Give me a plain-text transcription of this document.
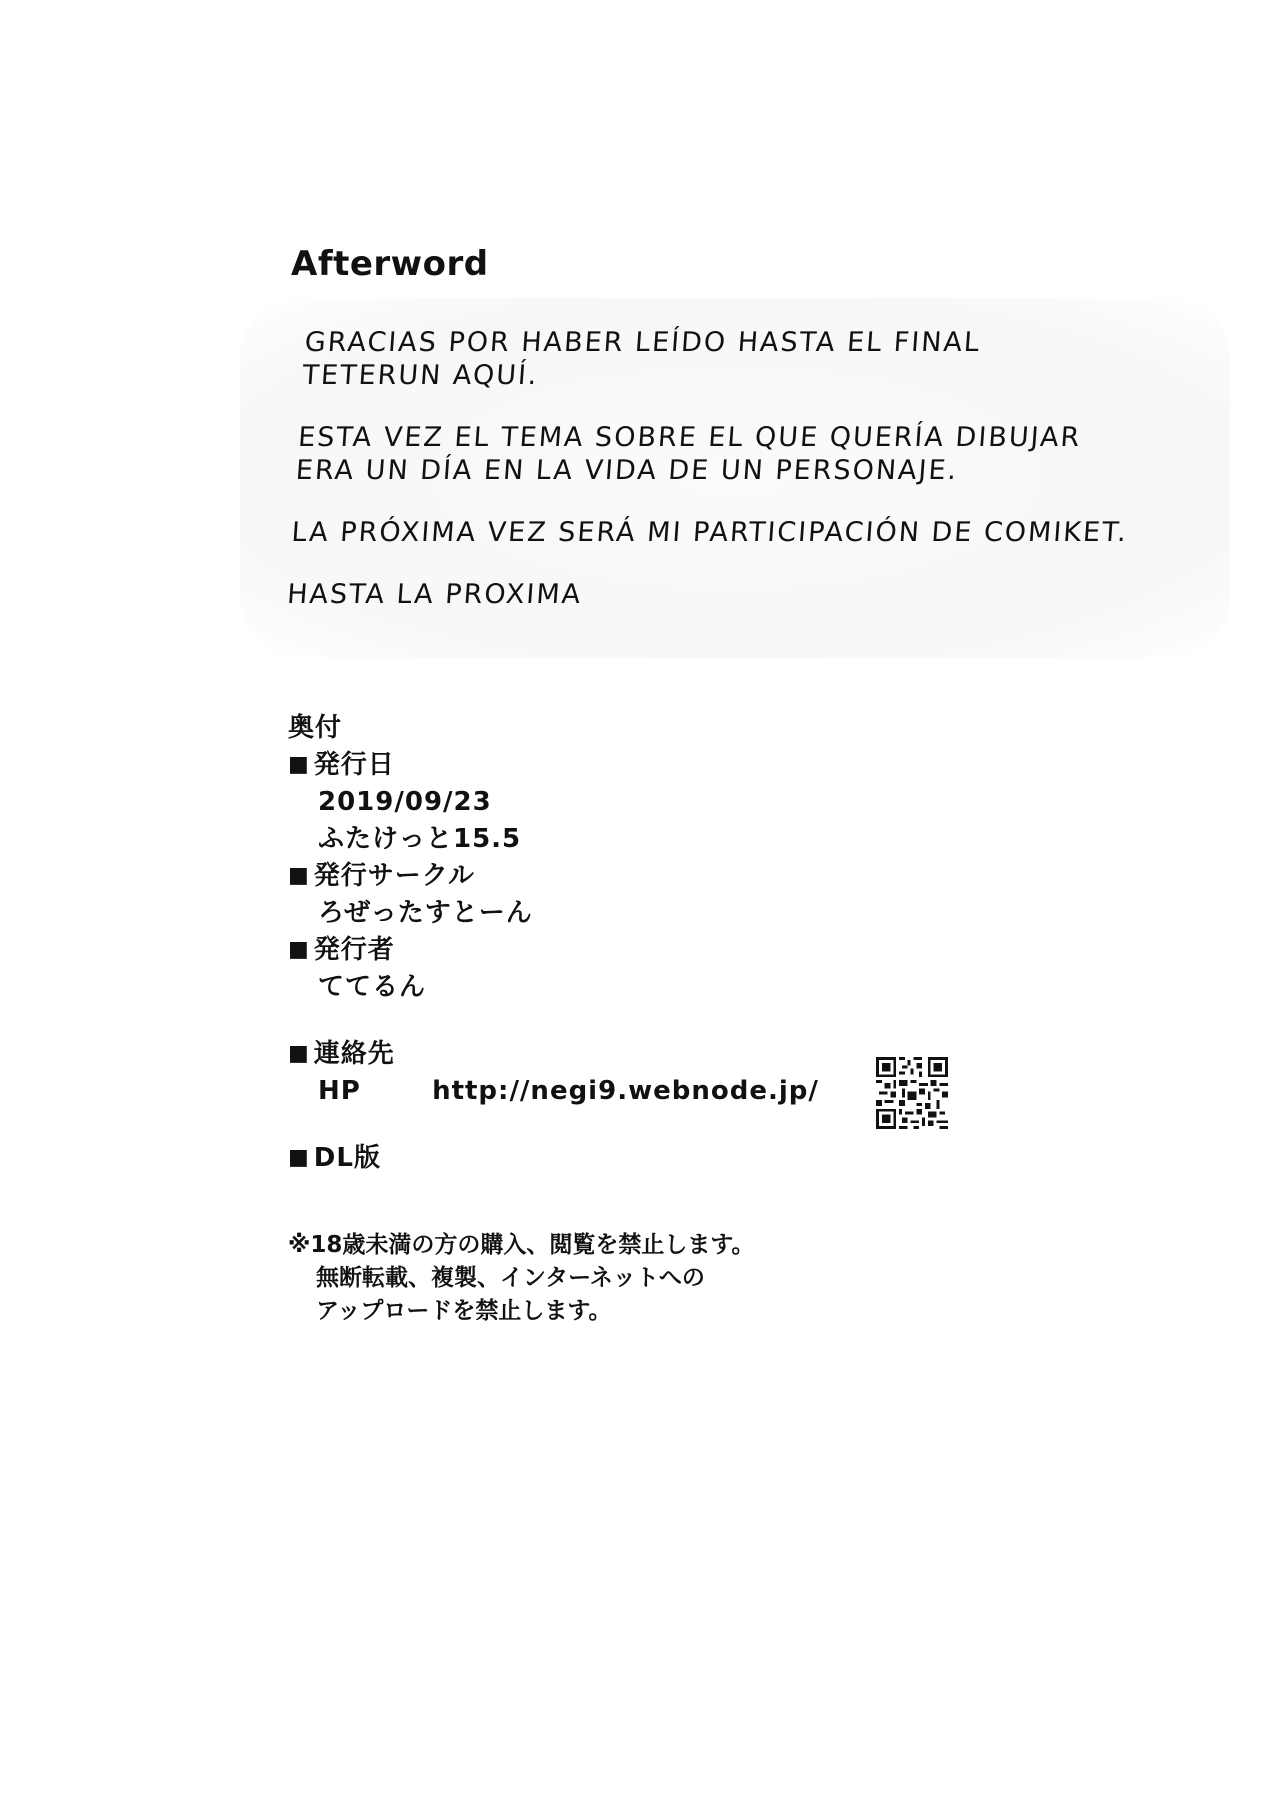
Afterword

GRACIAS POR HABER LEÍDO HASTA EL FINAL
TETERUN AQUÍ.

ESTA VEZ EL TEMA SOBRE EL QUE QUERÍA DIBUJAR
ERA UN DÍA EN LA VIDA DE UN PERSONAJE.

LA PRÓXIMA VEZ SERÁ MI PARTICIPACIÓN DE COMIKET.

HASTA LA PROXIMA

奥付
■ 発行日
2019/09/23
ふたけっと15.5
■ 発行サークル
ろぜったすとーん
■ 発行者
ててるん
■ 連絡先
HP	http://negi9.webnode.jp/
■ DL版
※18歳未満の方の購入、閲覧を禁止します。
無断転載、複製、インターネットへの
アップロードを禁止します。
